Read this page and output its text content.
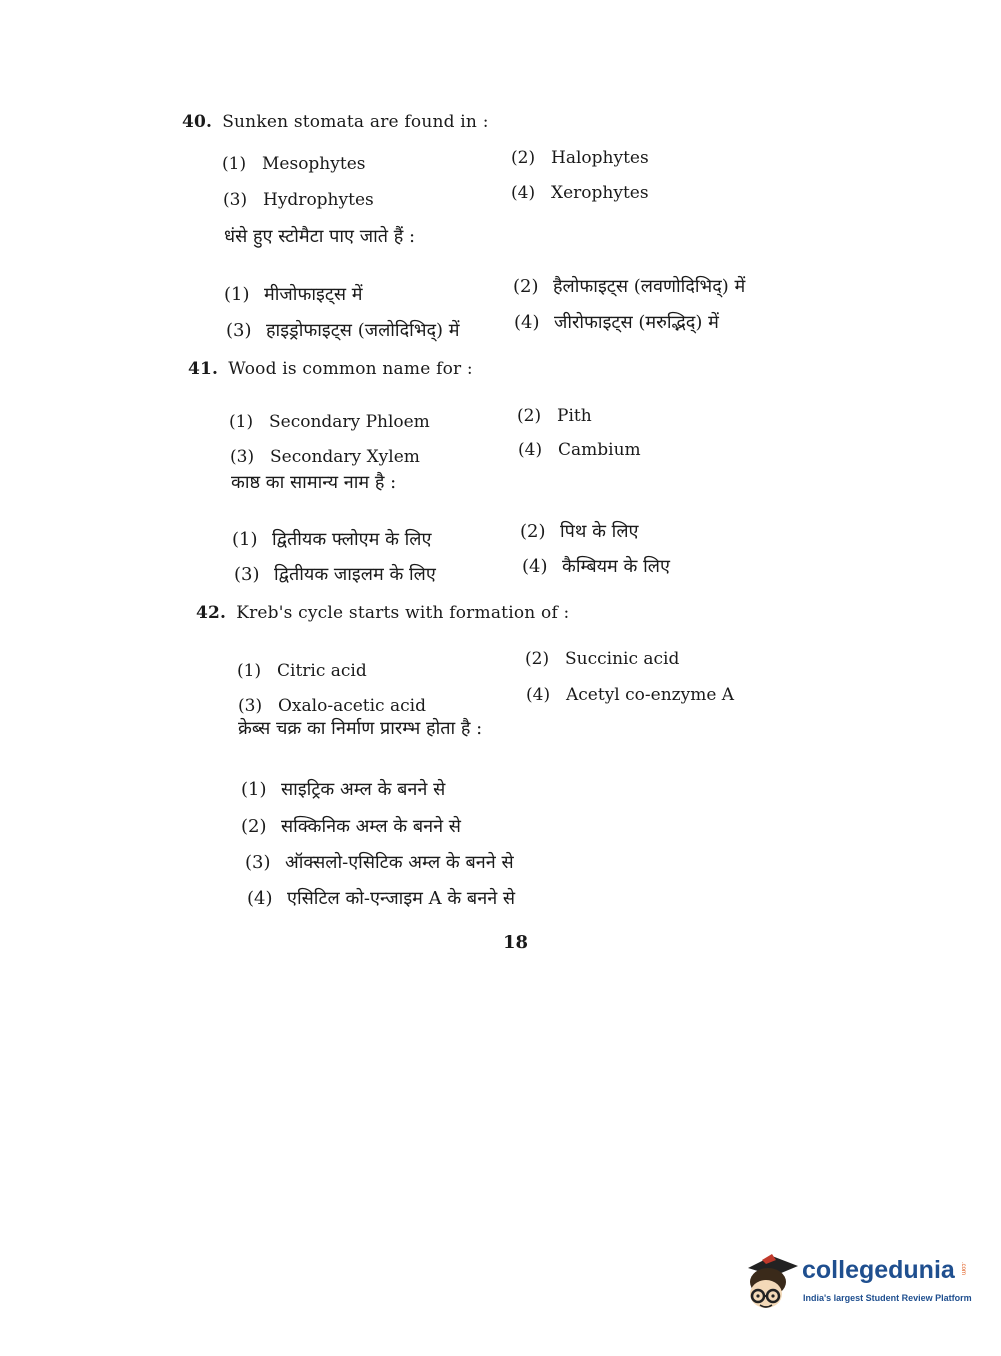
40. Sunken stomata are found in :
(1) Mesophytes	(2) Halophytes
(3) Hydrophytes	(4) Xerophytes
धंसे हुए स्टोमैटा पाए जाते हैं :
(1) मीजोफाइट्स में	(2) हैलोफाइट्स (लवणोदिभिद्) में
(3) हाइड्रोफाइट्स (जलोदिभिद्) में	(4) जीरोफाइट्स (मरुद्भिद्) में
41. Wood is common name for :
(1) Secondary Phloem	(2) Pith
(3) Secondary Xylem	(4) Cambium
काष्ठ का सामान्य नाम है :
(1) द्वितीयक फ्लोएम के लिए	(2) पिथ के लिए
(3) द्वितीयक जाइलम के लिए	(4) कैम्बियम के लिए
42. Kreb's cycle starts with formation of :
(1) Citric acid
(2) Succinic acid
(3) Oxalo-acetic acid
(4) Acetyl co-enzyme A
क्रेब्स चक्र का निर्माण प्रारम्भ होता है :
(1) साइट्रिक अम्ल के बनने से
(2) सक्किनिक अम्ल के बनने से
(3) ऑक्सलो-एसिटिक अम्ल के बनने से
(4) एसिटिल को-एन्जाइम A के बनने से
18
collegedunia .com
India's largest Student Review Platform
